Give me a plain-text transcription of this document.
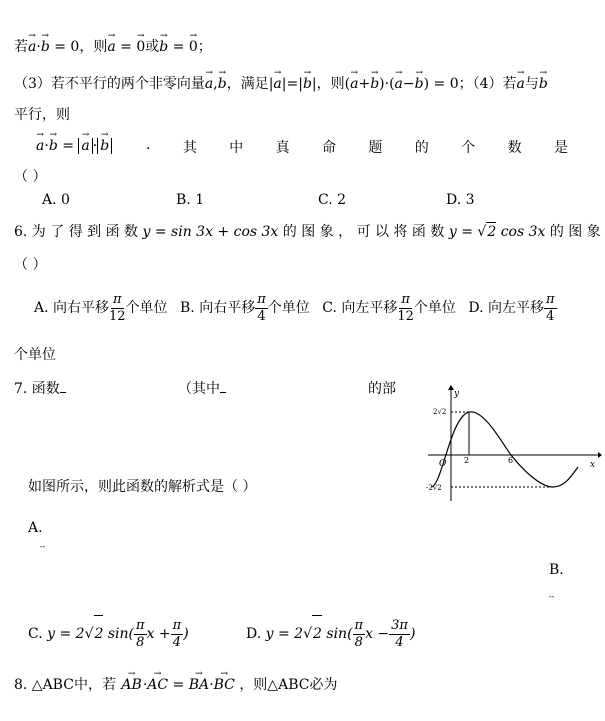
若→ a·→ b = 0，则→ a = → 0或→ b = → 0；
（3）若不平行的两个非零向量→ a,→ b，满足|→ a|=|→ b|，则(→ a+→ b)·(→ a−→ b) = 0；（4）若→ a与→ b
平行，则
→ a·→ b = → a · → b	. 其 中 真 命 题 的 个 数 是
（ ）
A. 0	B. 1	C. 2	D. 3
6. 为 了 得 到 函 数 y = sin 3x + cos 3x 的 图 象 ， 可 以 将 函 数 y = √2 cos 3x 的 图 象
（ ）
A. 向右平移 $\frac{\pi}{12}$ 个单位 B. 向右平移 $\frac{\pi}{4}$ 个单位 C. 向左平移 $\frac{\pi}{12}$ 个单位 D. 向左平移 $\frac{\pi}{4}$
个单位
7. 函数	（其中	的部
如图所示，则此函数的解析式是（ ）
A.
--
B.
--
C. y = 2√2 $\sin( \frac{\pi}{8}$ $x + \frac{\pi}{4}$ )	D. y = 2√2 $\sin( \frac{\pi}{8}$ $x - \frac{3\pi}{4}$ )
8. △ABC中，若 → AB·→ AC = → BA·→ BC ，则△ABC必为
y
x
O 2	6
2√2
-2√2
